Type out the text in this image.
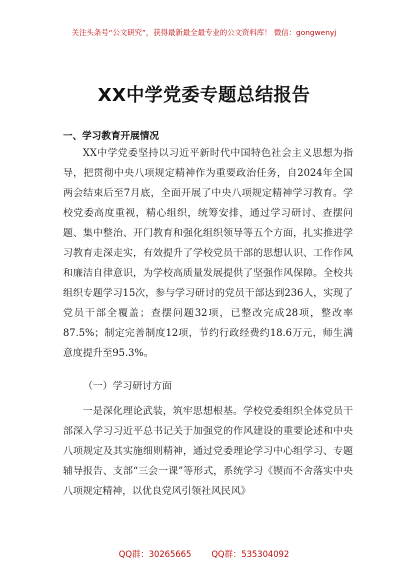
关注头条号“公文研究”，获得最新最全最专业的公文资料库！ 微信：gongwenyj
XX中学党委专题总结报告
一、学习教育开展情况
XX中学党委坚持以习近平新时代中国特色社会主义思想为指导，把贯彻中央八项规定精神作为重要政治任务，自2024年全国两会结束后至7月底，全面开展了中央八项规定精神学习教育。学校党委高度重视，精心组织，统筹安排，通过学习研讨、查摆问题、集中整治、开门教育和强化组织领导等五个方面，扎实推进学习教育走深走实，有效提升了学校党员干部的思想认识、工作作风和廉洁自律意识，为学校高质量发展提供了坚强作风保障。全校共组织专题学习15次，参与学习研讨的党员干部达到236人，实现了党员干部全覆盖；查摆问题32项，已整改完成28项，整改率87.5%；制定完善制度12项，节约行政经费约18.6万元，师生满意度提升至95.3%。
（一）学习研讨方面
一是深化理论武装，筑牢思想根基。学校党委组织全体党员干部深入学习习近平总书记关于加强党的作风建设的重要论述和中央八项规定及其实施细则精神，通过党委理论学习中心组学习、专题辅导报告、支部“三会一课”等形式，系统学习《锲而不舍落实中央八项规定精神，以优良党风引领社风民风》
QQ群：30265665 QQ群：535304092
